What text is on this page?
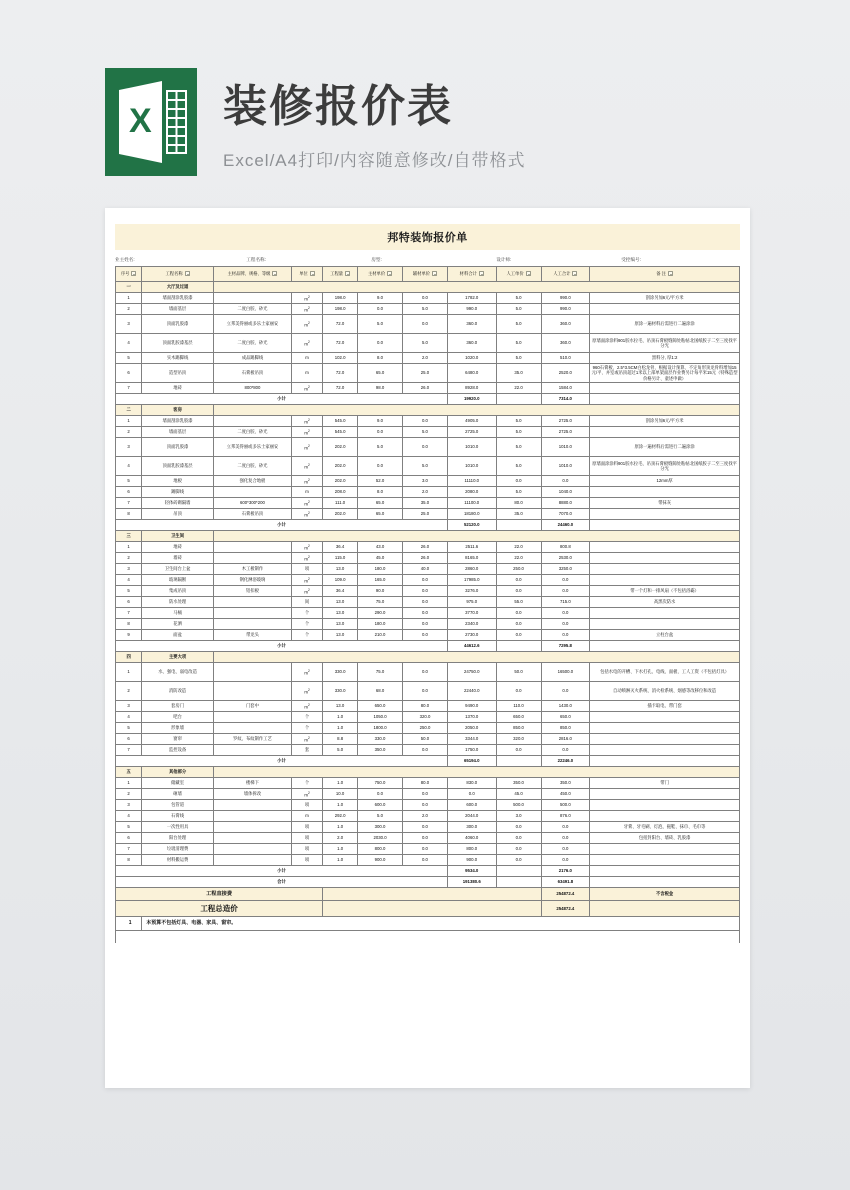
X 装修报价表
Excel/A4打印/内容随意修改/自带格式
邦特装饰报价单
业主姓名:	工程名称:	房型:	设计师:	受控编号:
序号	工程名称	主材品牌、规格、等级	单位	工程量	主材单价	辅材单价	材料合计	人工单价	人工合计	备 注

一	大厅及过道									
1	墙面刮涂乳胶漆		$m^2$	198.0	9.0	0.0	1782.0	5.0	990.0	刮涂另加6元/平方米
2	墙面基层	二度白胶、砂光	$m^2$	198.0	0.0	5.0	990.0	5.0	990.0	
3	顶面乳胶漆	立邦美得丽或多乐士家丽安	$m^2$	72.0	5.0	0.0	360.0	5.0	360.0	原涂一遍材料后需进行二遍涂涂
4	顶面乳胶漆基层	二度白胶、砂光	$m^2$	72.0	0.0	5.0	360.0	5.0	360.0	原墙面涂涂料901胶水拉毛、吊顶石膏板缝隙处粘帖北国纸胶子二至三度找平分光
5	实木踢脚线	成品踢脚线	m	102.0	8.0	2.0	1020.0	5.0	510.0	黑料分, 厚1:2
6	造型吊顶	石膏板吊顶	m	72.0	65.0	25.0	6480.0	35.0	2520.0	960石膏板、2.5*3.5CM白松龙骨、根据设计预算、不定角形顶龙骨料增加15元/平、并室或吊顶超过1米以上部单架面层作业费另计每平米15元（特殊造型价格另计、童述申做）
7	地砖	800*800	$m^2$	72.0	98.0	26.0	8928.0	22.0	1584.0	
小计							19920.0		7314.0	
二	客房									
1	墙面刮涂乳胶漆		$m^2$	545.0	9.0	0.0	4905.0	5.0	2725.0	刮涂另加6元/平方米
2	墙面基层	二度白胶、砂光	$m^2$	545.0	0.0	5.0	2725.0	5.0	2725.0	
3	顶面乳胶漆	立邦美得丽或多乐士家丽安	$m^2$	202.0	5.0	0.0	1010.0	5.0	1010.0	原涂一遍材料后需进行二遍涂涂
4	顶面乳胶漆基层	二度白胶、砂光	$m^2$	202.0	0.0	5.0	1010.0	5.0	1010.0	原墙面涂涂料901胶水拉毛、吊顶石膏板缝隙处粘帖北国纸胶子二至三度找平分光
5	地板	强化复合地板	$m^2$	202.0	52.0	3.0	11110.0	0.0	0.0	12mm厚
6	踢脚线		m	208.0	8.0	2.0	2080.0	5.0	1040.0	
7	轻体砖砌隔墙	600*300*200	$m^2$	111.0	65.0	35.0	11100.0	80.0	8880.0	带抹灰
8	吊顶	石膏板吊顶	$m^2$	202.0	65.0	25.0	18180.0	35.0	7070.0	
小计							52120.0		24460.0	
三	卫生间									
1	地砖		$m^2$	36.4	43.0	26.0	2511.6	22.0	800.8	
2	墙砖		$m^2$	115.0	45.0	26.0	8165.0	22.0	2530.0	
3	卫生间台上盆	木工板制作	项	13.0	180.0	40.0	2860.0	250.0	3250.0	
4	玻璃隔断	钢化淋浴玻璃	$m^2$	109.0	165.0	0.0	17985.0	0.0	0.0	
5	集成吊顶	铝扣板	$m^2$	36.4	90.0	0.0	3276.0	0.0	0.0	带一个灯和一排风扇（不包括浴霸）
6	防水处理		间	13.0	75.0	0.0	975.0	55.0	715.0	高黑次防水
7	马桶		个	13.0	290.0	0.0	3770.0	0.0	0.0	
8	花洒		个	13.0	180.0	0.0	2340.0	0.0	0.0	
9	面盆	带龙头	个	13.0	210.0	0.0	2730.0	0.0	0.0	立柱台盆
小计							44612.6		7295.8	
四	主要大项									
1	水、强电、弱电改造		$m^2$	330.0	75.0	0.0	24750.0	50.0	16500.0	包括水电的开槽、下水打孔、电线、面板、工人工资（不包括灯具）
2	消防改造		$m^2$	330.0	68.0	0.0	22440.0	0.0	0.0	自动喷淋灭火系统、消火栓系统、烟感等改移位和改造
3	套房门	门套中	$m^2$	13.0	650.0	80.0	9490.0	110.0	1430.0	插卡取电、带门套
4	吧台		个	1.0	1050.0	320.0	1370.0	650.0	650.0	
5	形象墙		个	1.0	1800.0	250.0	2050.0	850.0	850.0	
6	窗帘	罗纹、布纹制作工艺	$m^2$	8.8	330.0	50.0	3344.0	320.0	2816.0	
7	监控设备		套	5.0	350.0	0.0	1750.0	0.0	0.0	
小计							65194.0		22246.0	
五	其他部分									
1	储藏室	楼梯下	个	1.0	750.0	80.0	830.0	350.0	350.0	带门
2	砸墙	墙体拆改	$m^2$	10.0	0.0	0.0	0.0	45.0	450.0	
3	包管道		项	1.0	600.0	0.0	600.0	500.0	500.0	
4	石膏线		m	292.0	5.0	2.0	2044.0	3.0	876.0	
5	一次性用具		项	1.0	300.0	0.0	300.0	0.0	0.0	牙膏、牙毛刷、灯泡、拖鞋、抹巾、毛巾等
6	阳台处理		项	2.0	2030.0	0.0	4060.0	0.0	0.0	包括封阳台、墙砖、乳胶漆
7	垃圾清理费		项	1.0	800.0	0.0	800.0	0.0	0.0	
8	材料搬运费		项	1.0	900.0	0.0	900.0	0.0	0.0	
小计							9534.0		2176.0	
合计							191380.6		63491.8	
工程直接费									254872.4	不含税金
工程总造价									254872.4	
1	本预算不包括灯具、电器、家具、窗帘。									
